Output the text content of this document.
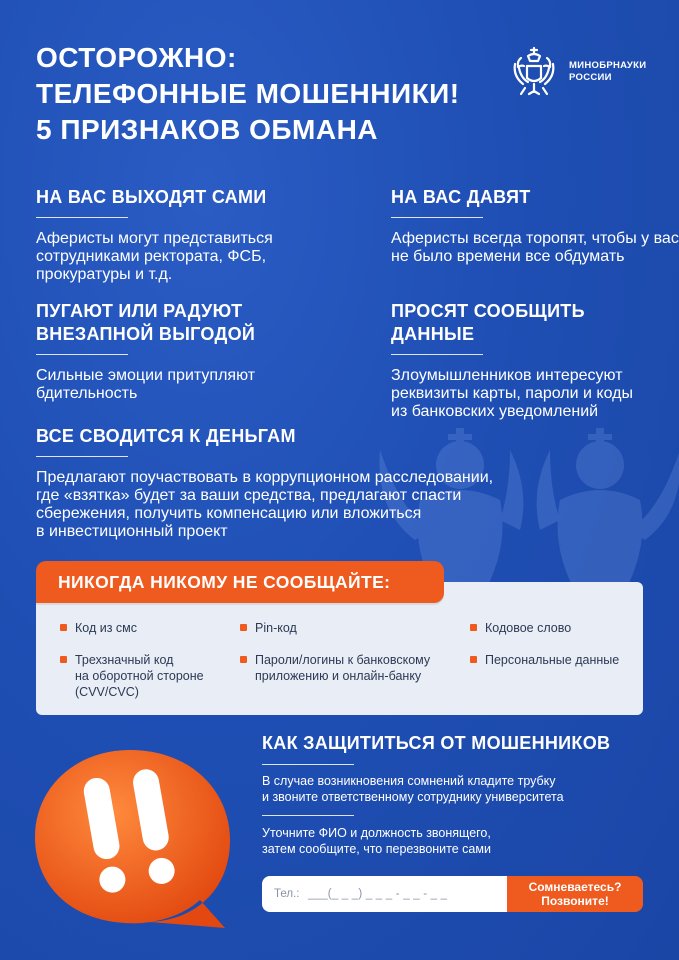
ОСТОРОЖНО:
ТЕЛЕФОННЫЕ МОШЕННИКИ!
5 ПРИЗНАКОВ ОБМАНА
МИНОБРНАУКИ
РОССИИ
НА ВАС ВЫХОДЯТ САМИ

Аферисты могут представиться
сотрудниками ректората, ФСБ,
прокуратуры и т.д.

НА ВАС ДАВЯТ

Аферисты всегда торопят, чтобы у вас
не было времени все обдумать

ПУГАЮТ ИЛИ РАДУЮТ
ВНЕЗАПНОЙ ВЫГОДОЙ

Сильные эмоции притупляют
бдительность

ПРОСЯТ СООБЩИТЬ
ДАННЫЕ

Злоумышленников интересуют
реквизиты карты, пароли и коды
из банковских уведомлений

ВСЕ СВОДИТСЯ К ДЕНЬГАМ

Предлагают поучаствовать в коррупционном расследовании,
где «взятка» будет за ваши средства, предлагают спасти
сбережения, получить компенсацию или вложиться
в инвестиционный проект

НИКОГДА НИКОМУ НЕ СООБЩАЙТЕ:
Код из смс	Pin-код	Кодовое слово
Трехзначный код
на оборотной стороне
(CVV/CVC)
Пароли/логины к банковскому
приложению и онлайн-банку
Персональные данные
КАК ЗАЩИТИТЬСЯ ОТ МОШЕННИКОВ
В случае возникновения сомнений кладите трубку
и звоните ответственному сотруднику университета
Уточните ФИО и должность звонящего,
затем сообщите, что перезвоните сами
Тел.: ___(_ _ _) _ _ _ - _ _ - _ _	Сомневаетесь?
Позвоните!
